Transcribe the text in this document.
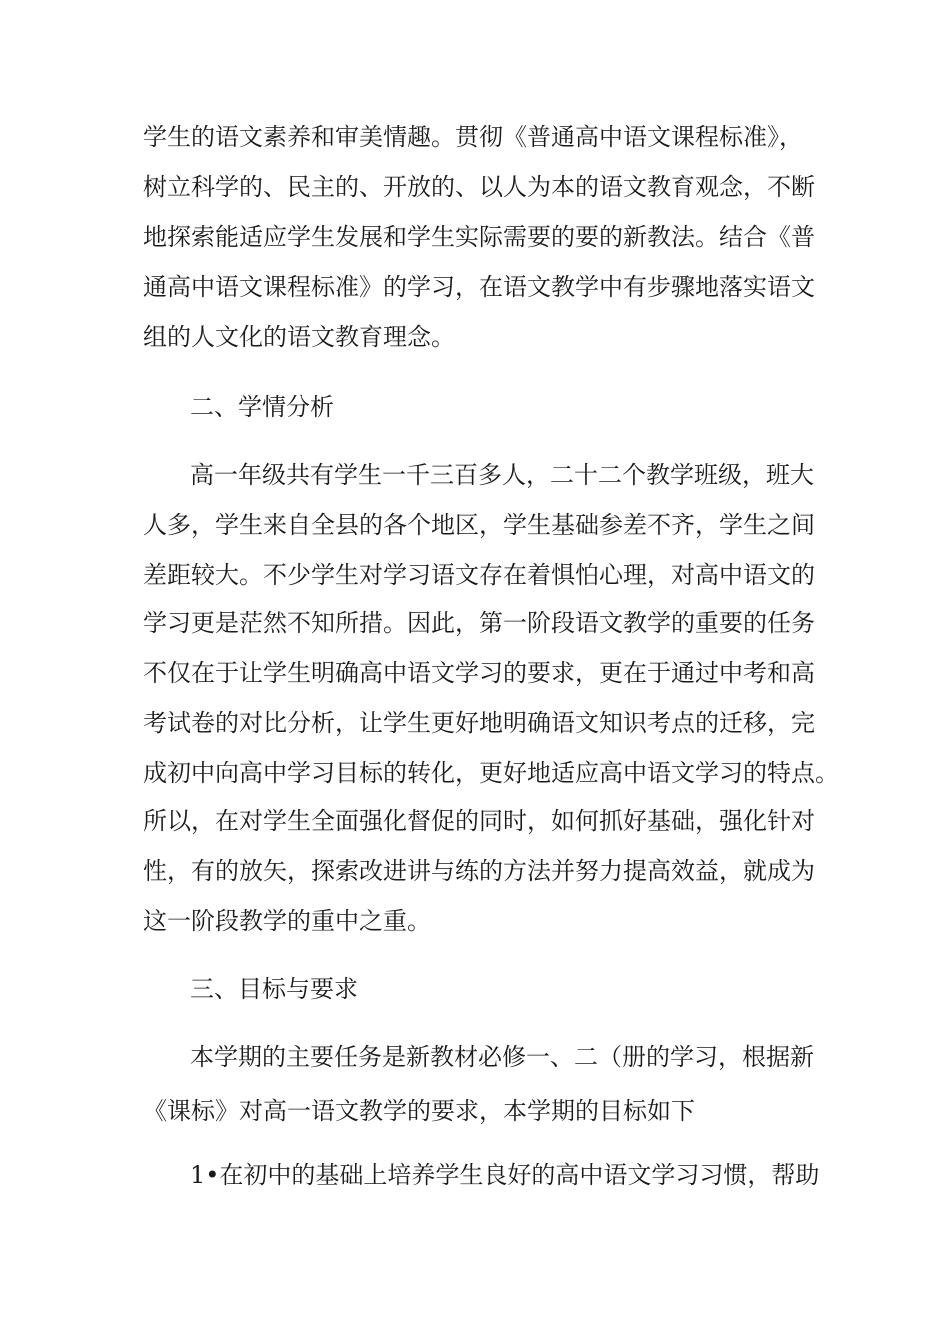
学生的语文素养和审美情趣。贯彻《普通高中语文课程标准》，

树立科学的、民主的、开放的、以人为本的语文教育观念，不断

地探索能适应学生发展和学生实际需要的要的新教法。结合《普

通高中语文课程标准》的学习，在语文教学中有步骤地落实语文

组的人文化的语文教育理念。

二、学情分析

高一年级共有学生一千三百多人，二十二个教学班级，班大

人多，学生来自全县的各个地区，学生基础参差不齐，学生之间

差距较大。不少学生对学习语文存在着惧怕心理，对高中语文的

学习更是茫然不知所措。因此，第一阶段语文教学的重要的任务

不仅在于让学生明确高中语文学习的要求，更在于通过中考和高

考试卷的对比分析，让学生更好地明确语文知识考点的迁移，完

成初中向高中学习目标的转化，更好地适应高中语文学习的特点。

所以，在对学生全面强化督促的同时，如何抓好基础，强化针对

性，有的放矢，探索改进讲与练的方法并努力提高效益，就成为

这一阶段教学的重中之重。

三、目标与要求

本学期的主要任务是新教材必修一、二（册的学习，根据新

《课标》对高一语文教学的要求，本学期的目标如下

1•在初中的基础上培养学生良好的高中语文学习习惯，帮助
